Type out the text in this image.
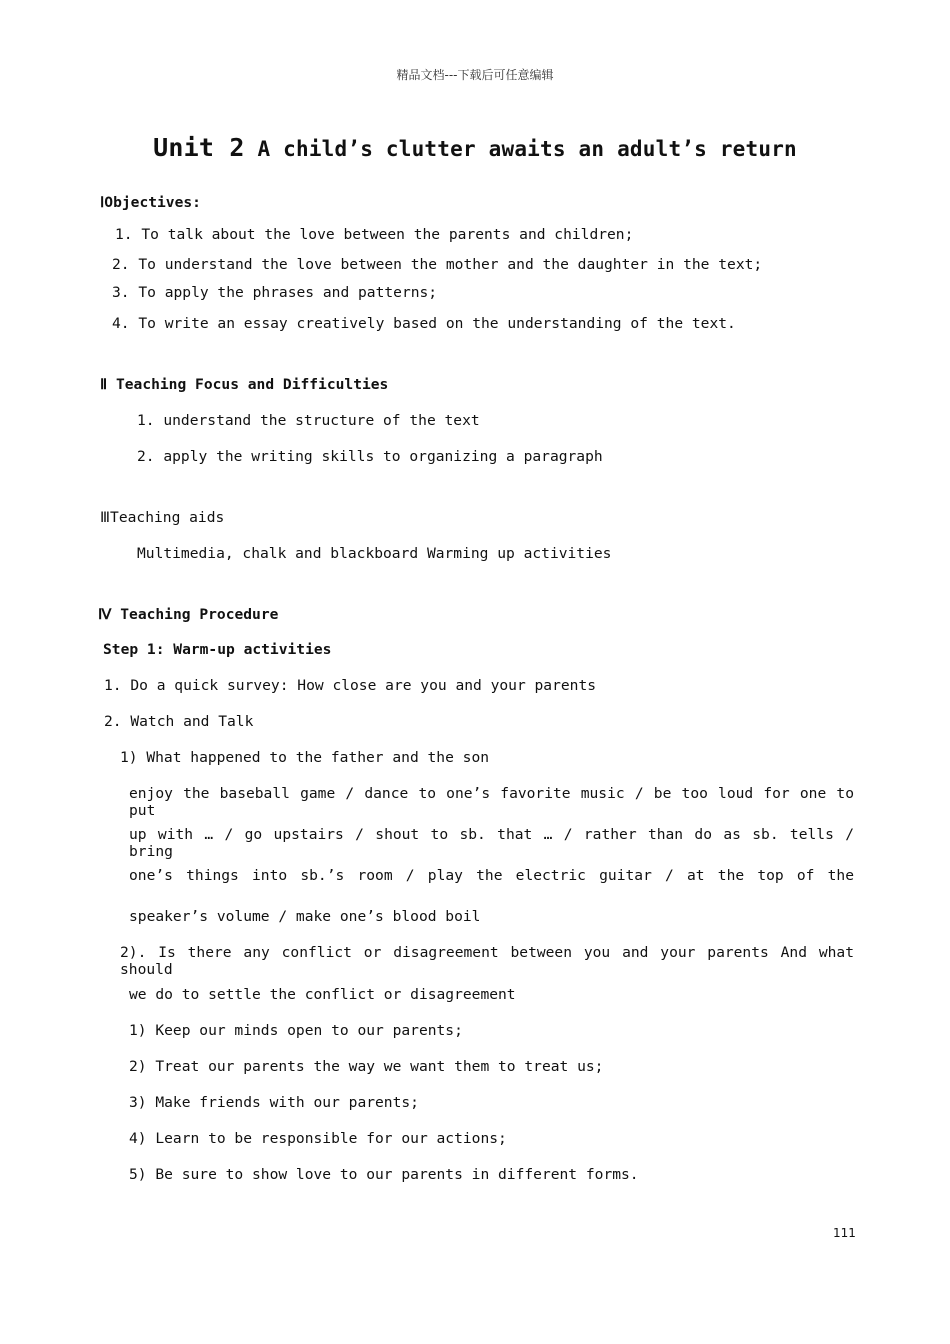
精品文档---下载后可任意编辑
Unit 2 A child’s clutter awaits an adult’s return
ⅠObjectives:
1. To talk about the love between the parents and children;
2. To understand the love between the mother and the daughter in the text;
3. To apply the phrases and patterns;
4. To write an essay creatively based on the understanding of the text.
Ⅱ Teaching Focus and Difficulties
1. understand the structure of the text
2. apply the writing skills to organizing a paragraph
ⅢTeaching aids
Multimedia, chalk and blackboard Warming up activities
Ⅳ Teaching Procedure
Step 1: Warm-up activities
1. Do a quick survey: How close are you and your parents
2. Watch and Talk
1) What happened to the father and the son
enjoy the baseball game / dance to one’s favorite music / be too loud for one to put
up with … / go upstairs / shout to sb. that … / rather than do as sb. tells / bring
one’s things into sb.’s room / play the electric guitar / at the top of the
speaker’s volume / make one’s blood boil
2). Is there any conflict or disagreement between you and your parents And what should
we do to settle the conflict or disagreement
1) Keep our minds open to our parents;
2) Treat our parents the way we want them to treat us;
3) Make friends with our parents;
4) Learn to be responsible for our actions;
5) Be sure to show love to our parents in different forms.
111
